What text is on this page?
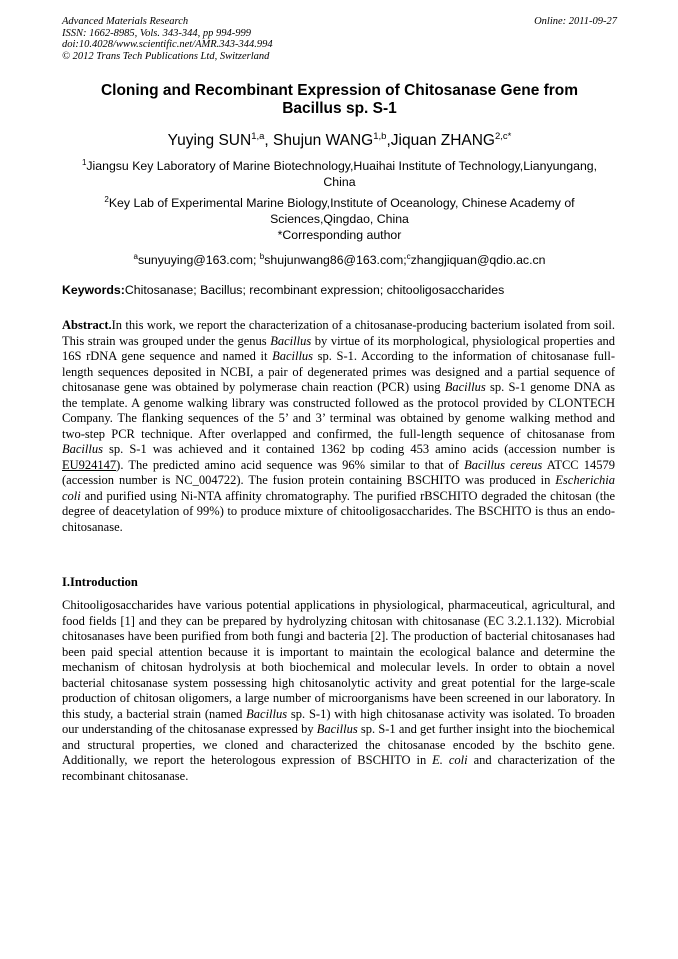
Advanced Materials Research
ISSN: 1662-8985, Vols. 343-344, pp 994-999
doi:10.4028/www.scientific.net/AMR.343-344.994
© 2012 Trans Tech Publications Ltd, Switzerland
Online: 2011-09-27
Cloning and Recombinant Expression of Chitosanase Gene from
Bacillus sp. S-1
Yuying SUN$^{1,a}$, Shujun WANG$^{1,b}$,Jiquan $ZHANG^{2,c*}$
$^1$Jiangsu Key Laboratory of Marine Biotechnology,Huaihai Institute of Technology,Lianyungang,
China
$^2$Key Lab of Experimental Marine Biology,Institute of Oceanology, Chinese Academy of
Sciences,Qingdao, China
*Corresponding author
$^a$sunyuying@163.com; $^b$shujunwang86@163.com;$^c$zhangjiquan@qdio.ac.cn
Keywords:Chitosanase; Bacillus; recombinant expression; chitooligosaccharides
Abstract.In this work, we report the characterization of a chitosanase-producing bacterium isolated from soil. This strain was grouped under the genus Bacillus by virtue of its morphological, physiological properties and 16S rDNA gene sequence and named it Bacillus sp. S-1. According to the information of chitosanase full-length sequences deposited in NCBI, a pair of degenerated primes was designed and a partial sequence of chitosanase gene was obtained by polymerase chain reaction (PCR) using Bacillus sp. S-1 genome DNA as the template. A genome walking library was constructed followed as the protocol provided by CLONTECH Company. The flanking sequences of the 5’ and 3’ terminal was obtained by genome walking method and two-step PCR technique. After overlapped and confirmed, the full-length sequence of chitosanase from Bacillus sp. S-1 was achieved and it contained 1362 bp coding 453 amino acids (accession number is EU924147). The predicted amino acid sequence was 96% similar to that of Bacillus cereus ATCC 14579 (accession number is NC_004722). The fusion protein containing BSCHITO was produced in Escherichia coli and purified using Ni-NTA affinity chromatography. The purified rBSCHITO degraded the chitosan (the degree of deacetylation of 99%) to produce mixture of chitooligosaccharides. The BSCHITO is thus an endo-chitosanase.
I.Introduction
Chitooligosaccharides have various potential applications in physiological, pharmaceutical, agricultural, and food fields [1] and they can be prepared by hydrolyzing chitosan with chitosanase (EC 3.2.1.132). Microbial chitosanases have been purified from both fungi and bacteria [2]. The production of bacterial chitosanases had been paid special attention because it is important to maintain the ecological balance and determine the mechanism of chitosan hydrolysis at both biochemical and molecular levels. In order to obtain a novel bacterial chitosanase system possessing high chitosanolytic activity and great potential for the large-scale production of chitosan oligomers, a large number of microorganisms have been screened in our laboratory. In this study, a bacterial strain (named Bacillus sp. S-1) with high chitosanase activity was isolated. To broaden our understanding of the chitosanase expressed by Bacillus sp. S-1 and get further insight into the biochemical and structural properties, we cloned and characterized the chitosanase encoded by the bschito gene. Additionally, we report the heterologous expression of BSCHITO in E. coli and characterization of the recombinant chitosanase.
